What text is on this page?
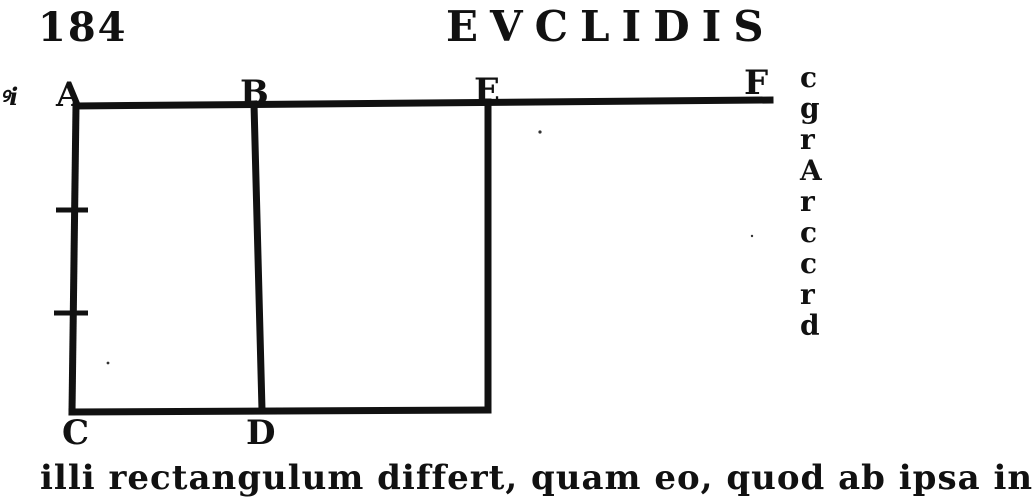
184	EVCLIDIS
ꝰi A	B	E	F
C	D
c
g
r
A
r
c
c
r
d
illi rectangulum differt, quam eo, quod ab ipsa in
